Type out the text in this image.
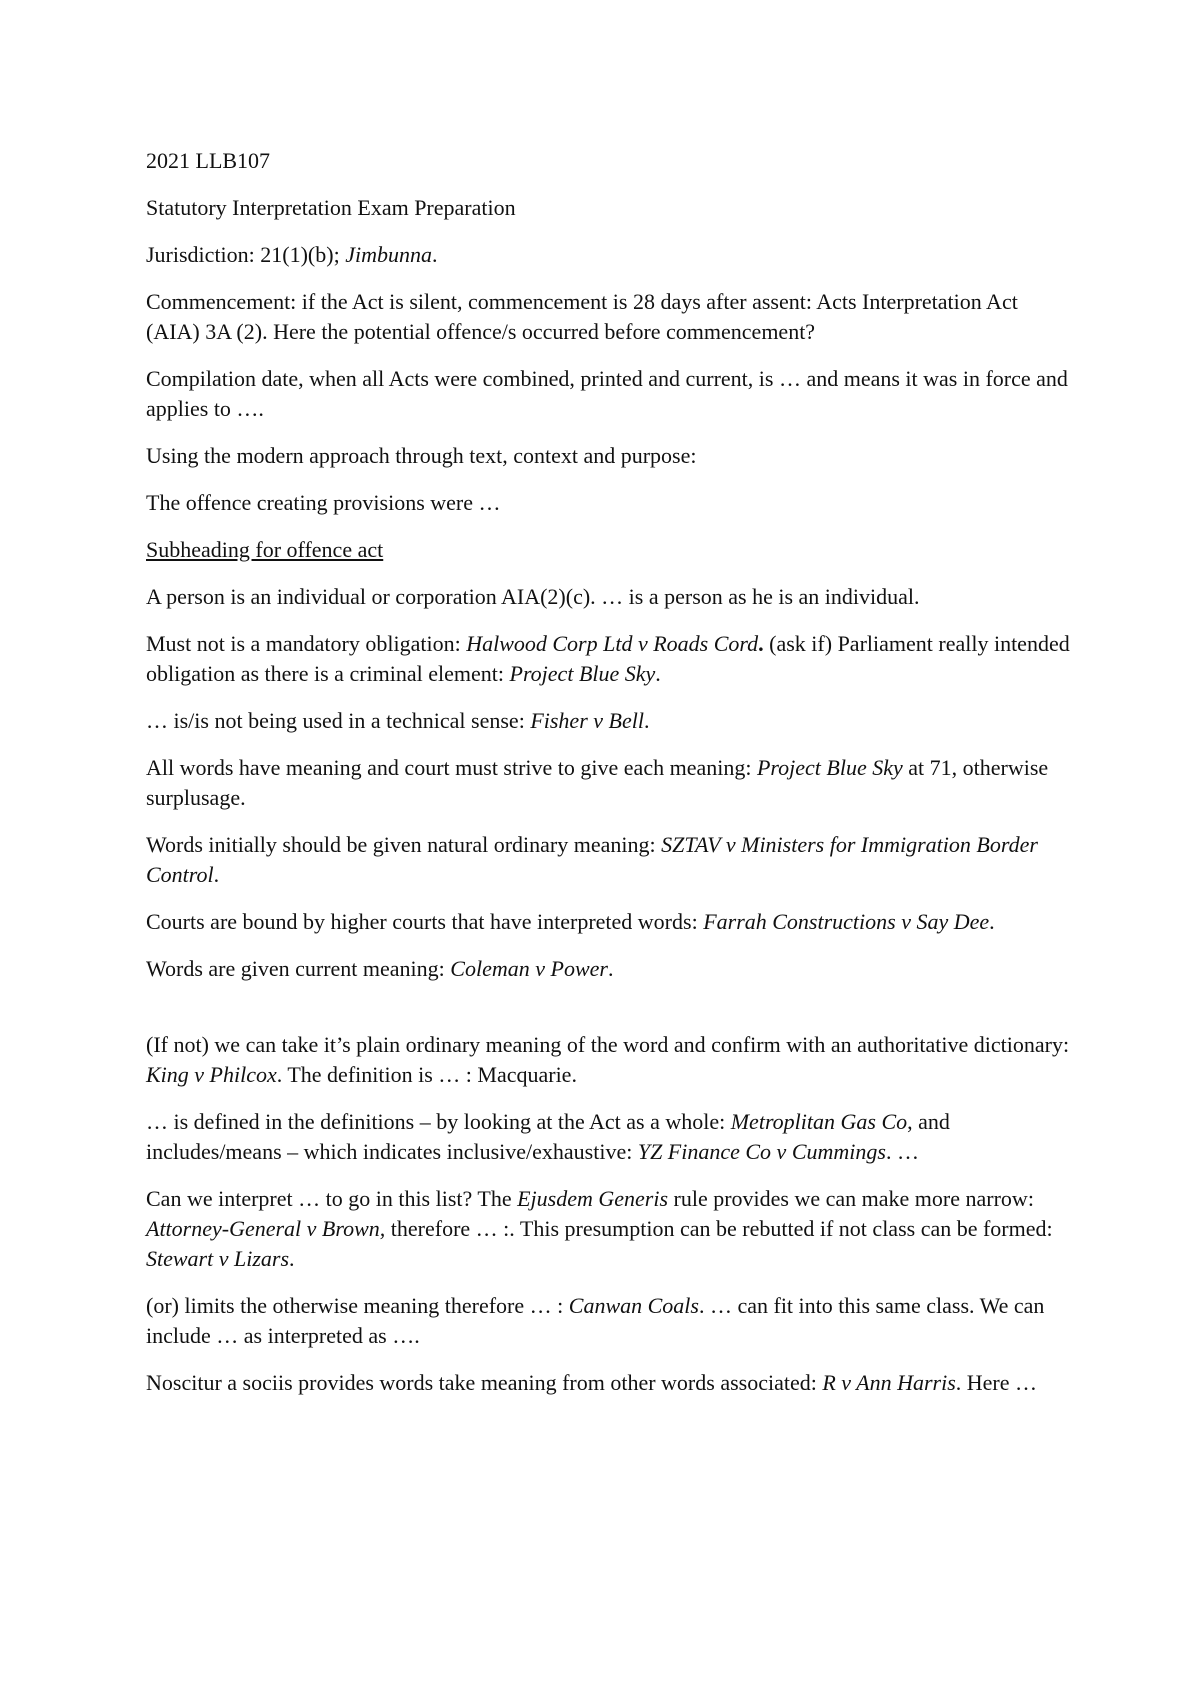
2021 LLB107

Statutory Interpretation Exam Preparation

Jurisdiction: 21(1)(b); Jimbunna.

Commencement: if the Act is silent, commencement is 28 days after assent: Acts Interpretation Act (AIA) 3A (2). Here the potential offence/s occurred before commencement?

Compilation date, when all Acts were combined, printed and current, is … and means it was in force and applies to ….

Using the modern approach through text, context and purpose:

The offence creating provisions were …

Subheading for offence act

A person is an individual or corporation AIA(2)(c). … is a person as he is an individual.

Must not is a mandatory obligation: Halwood Corp Ltd v Roads Cord. (ask if) Parliament really intended obligation as there is a criminal element: Project Blue Sky.

… is/is not being used in a technical sense: Fisher v Bell.

All words have meaning and court must strive to give each meaning: Project Blue Sky at 71, otherwise surplusage.

Words initially should be given natural ordinary meaning: SZTAV v Ministers for Immigration Border Control.

Courts are bound by higher courts that have interpreted words: Farrah Constructions v Say Dee.

Words are given current meaning: Coleman v Power.

(If not) we can take it’s plain ordinary meaning of the word and confirm with an authoritative dictionary: King v Philcox. The definition is … : Macquarie.

… is defined in the definitions – by looking at the Act as a whole: Metroplitan Gas Co, and includes/means – which indicates inclusive/exhaustive: YZ Finance Co v Cummings. …

Can we interpret … to go in this list? The Ejusdem Generis rule provides we can make more narrow: Attorney-General v Brown, therefore … :. This presumption can be rebutted if not class can be formed: Stewart v Lizars.

(or) limits the otherwise meaning therefore … : Canwan Coals. … can fit into this same class. We can include … as interpreted as ….

Noscitur a sociis provides words take meaning from other words associated: R v Ann Harris. Here …
